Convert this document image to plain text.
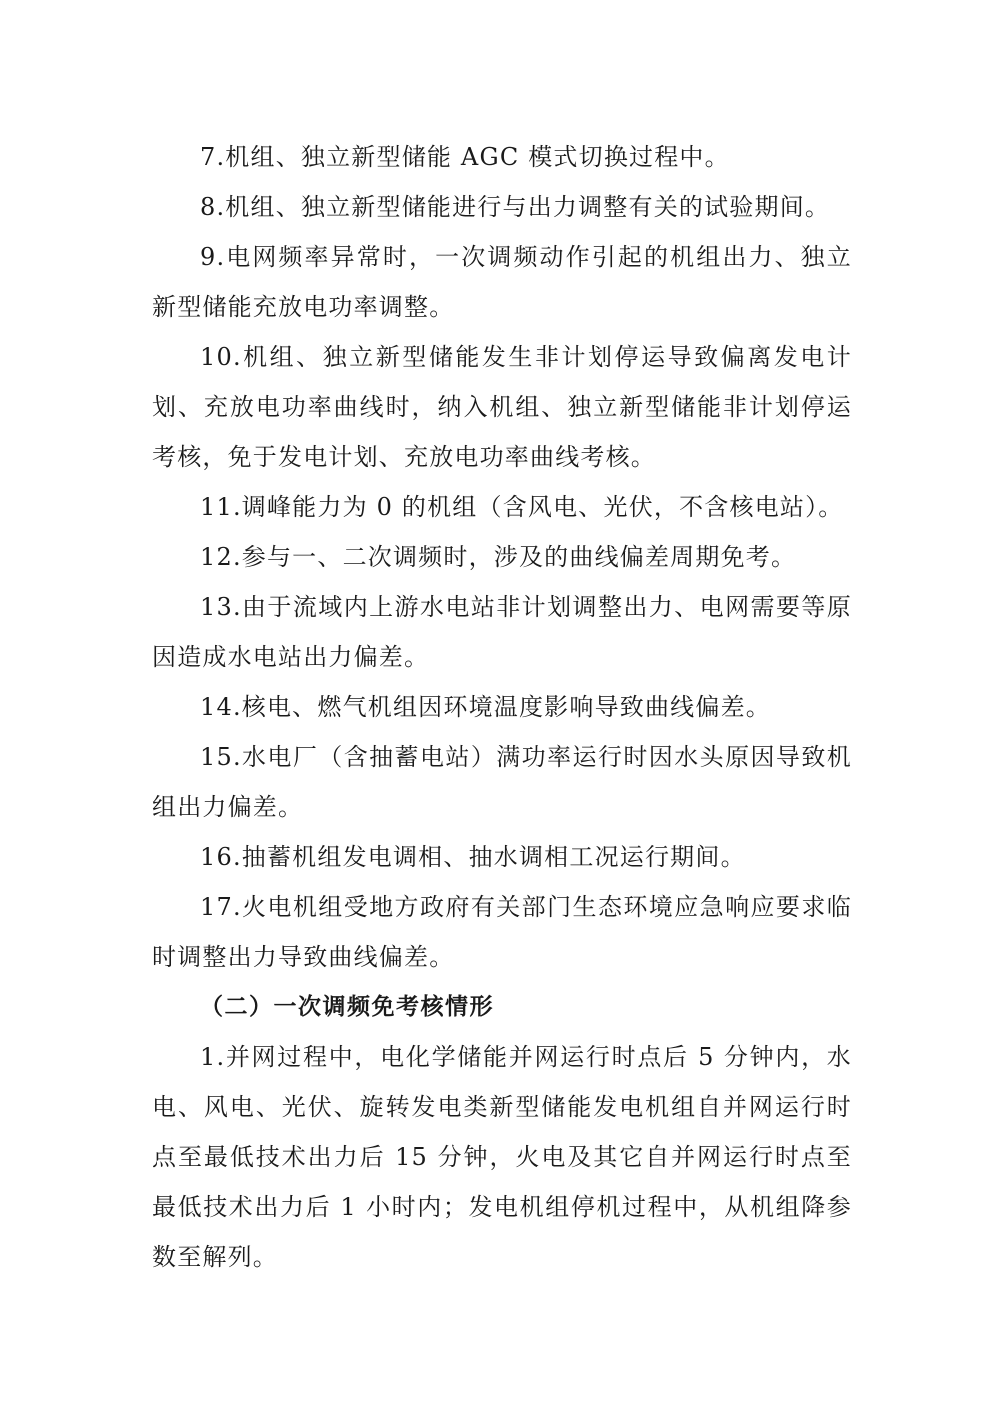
7.机组、独立新型储能 AGC 模式切换过程中。

8.机组、独立新型储能进行与出力调整有关的试验期间。

9.电网频率异常时，一次调频动作引起的机组出力、独立新型储能充放电功率调整。

10.机组、独立新型储能发生非计划停运导致偏离发电计划、充放电功率曲线时，纳入机组、独立新型储能非计划停运考核，免于发电计划、充放电功率曲线考核。

11.调峰能力为 0 的机组（含风电、光伏，不含核电站）。

12.参与一、二次调频时，涉及的曲线偏差周期免考。

13.由于流域内上游水电站非计划调整出力、电网需要等原因造成水电站出力偏差。

14.核电、燃气机组因环境温度影响导致曲线偏差。

15.水电厂（含抽蓄电站）满功率运行时因水头原因导致机组出力偏差。

16.抽蓄机组发电调相、抽水调相工况运行期间。

17.火电机组受地方政府有关部门生态环境应急响应要求临时调整出力导致曲线偏差。

（二）一次调频免考核情形

1.并网过程中，电化学储能并网运行时点后 5 分钟内，水电、风电、光伏、旋转发电类新型储能发电机组自并网运行时点至最低技术出力后 15 分钟，火电及其它自并网运行时点至最低技术出力后 1 小时内；发电机组停机过程中，从机组降参数至解列。
